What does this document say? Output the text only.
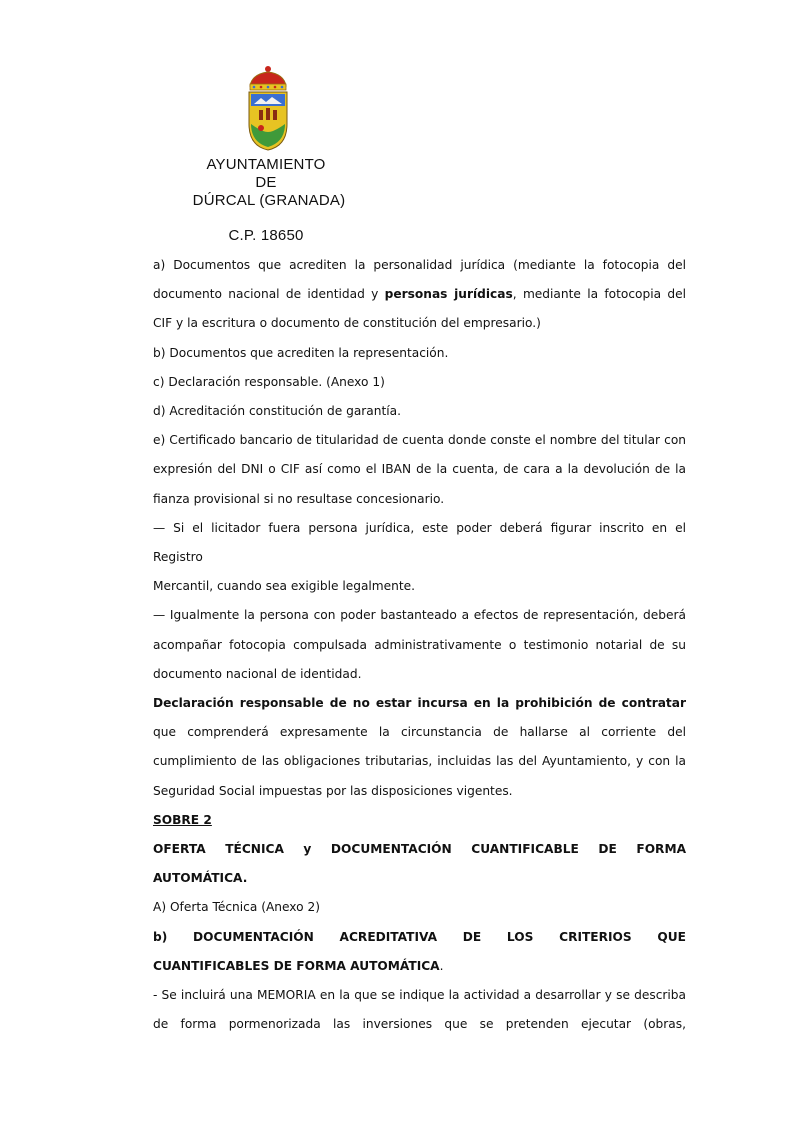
AYUNTAMIENTO
DE
DÚRCAL (GRANADA)
C.P. 18650
a) Documentos que acrediten la personalidad jurídica (mediante la fotocopia del
documento nacional de identidad y personas jurídicas, mediante la fotocopia del
CIF y la escritura o documento de constitución del empresario.)
b) Documentos que acrediten la representación.
c) Declaración responsable. (Anexo 1)
d) Acreditación constitución de garantía.
e) Certificado bancario de titularidad de cuenta donde conste el nombre del titular con
expresión del DNI o CIF así como el IBAN de la cuenta, de cara a la devolución de la
fianza provisional si no resultase concesionario.
— Si el licitador fuera persona jurídica, este poder deberá figurar inscrito en el Registro
Mercantil, cuando sea exigible legalmente.
— Igualmente la persona con poder bastanteado a efectos de representación, deberá
acompañar fotocopia compulsada administrativamente o testimonio notarial de su
documento nacional de identidad.
Declaración responsable de no estar incursa en la prohibición de contratar
que comprenderá expresamente la circunstancia de hallarse al corriente del
cumplimiento de las obligaciones tributarias, incluidas las del Ayuntamiento, y con la
Seguridad Social impuestas por las disposiciones vigentes.
SOBRE 2
OFERTA TÉCNICA y DOCUMENTACIÓN CUANTIFICABLE DE FORMA
AUTOMÁTICA.
A) Oferta Técnica (Anexo 2)
b) DOCUMENTACIÓN ACREDITATIVA DE LOS CRITERIOS QUE
CUANTIFICABLES DE FORMA AUTOMÁTICA.
- Se incluirá una MEMORIA en la que se indique la actividad a desarrollar y se describa
de forma pormenorizada las inversiones que se pretenden ejecutar (obras,
